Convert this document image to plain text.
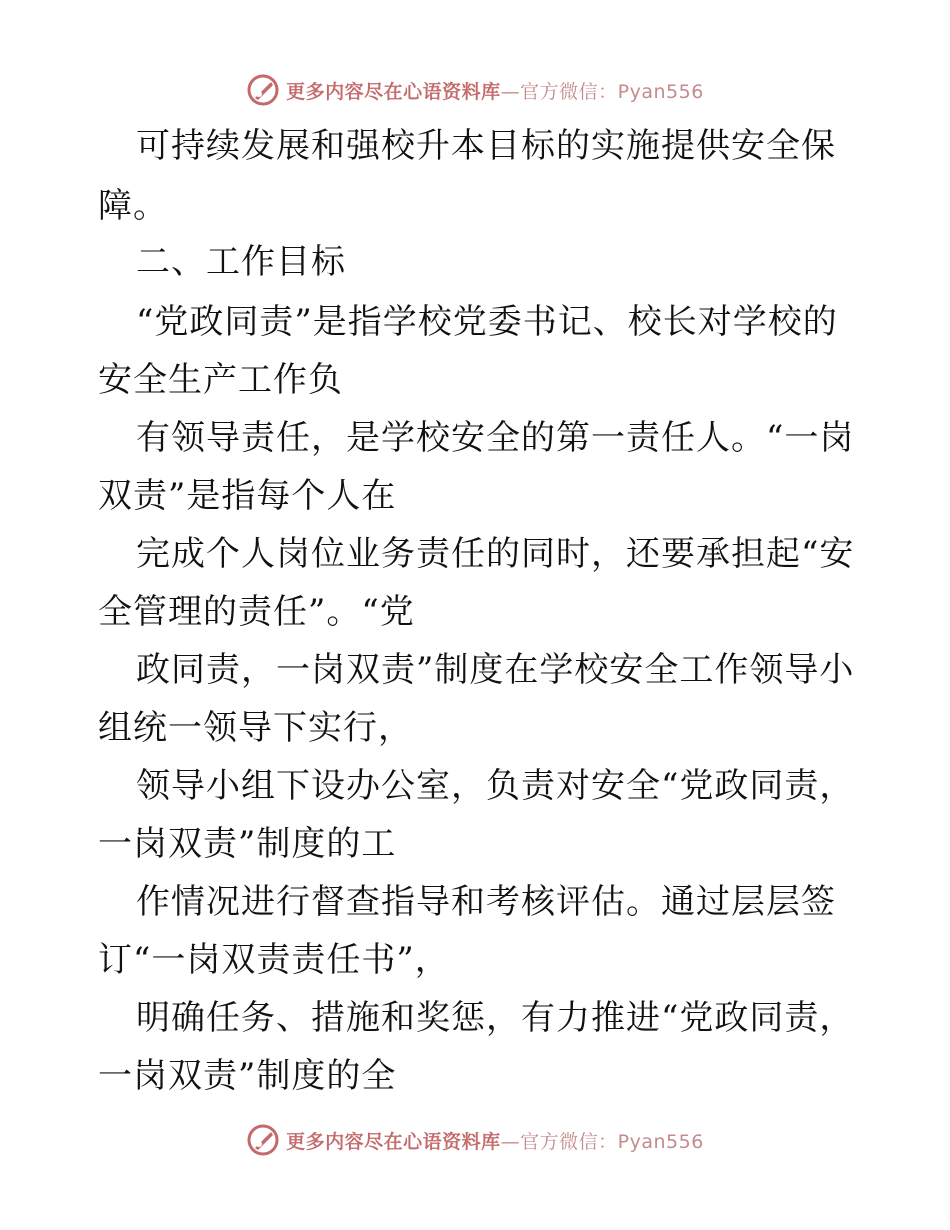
更多内容尽在心语资料库—官方微信：Pyan556
可持续发展和强校升本目标的实施提供安全保
障。
二、工作目标
“党政同责”是指学校党委书记、校长对学校的
安全生产工作负
有领导责任，是学校安全的第一责任人。“一岗
双责”是指每个人在
完成个人岗位业务责任的同时，还要承担起“安
全管理的责任”。“党
政同责，一岗双责”制度在学校安全工作领导小
组统一领导下实行，
领导小组下设办公室，负责对安全“党政同责，
一岗双责”制度的工
作情况进行督查指导和考核评估。通过层层签
订“一岗双责责任书”，
明确任务、措施和奖惩，有力推进“党政同责，
一岗双责”制度的全
更多内容尽在心语资料库—官方微信：Pyan556
